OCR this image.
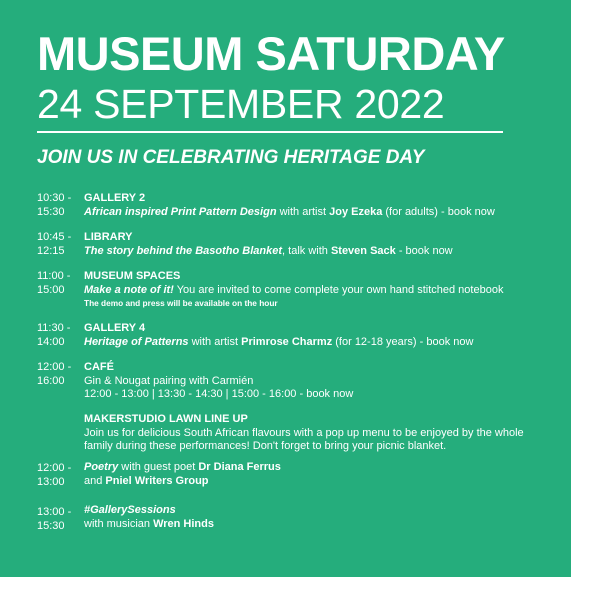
MUSEUM SATURDAY
24 SEPTEMBER 2022
JOIN US IN CELEBRATING HERITAGE DAY
10:30 -
15:30
GALLERY 2
African inspired Print Pattern Design with artist Joy Ezeka (for adults) - book now
10:45 -
12:15
LIBRARY
The story behind the Basotho Blanket, talk with Steven Sack - book now
11:00 -
15:00
MUSEUM SPACES
Make a note of it! You are invited to come complete your own hand stitched notebook
The demo and press will be available on the hour
11:30 -
14:00
GALLERY 4
Heritage of Patterns with artist Primrose Charmz (for 12-18 years) - book now
12:00 -
16:00
CAFÉ
Gin & Nougat pairing with Carmién
12:00 - 13:00 | 13:30 - 14:30 | 15:00 - 16:00 - book now
MAKERSTUDIO LAWN LINE UP
Join us for delicious South African flavours with a pop up menu to be enjoyed by the whole
family during these performances! Don't forget to bring your picnic blanket.
12:00 -
13:00
Poetry with guest poet Dr Diana Ferrus
and Pniel Writers Group
13:00 -
15:30
#GallerySessions
with musician Wren Hinds
